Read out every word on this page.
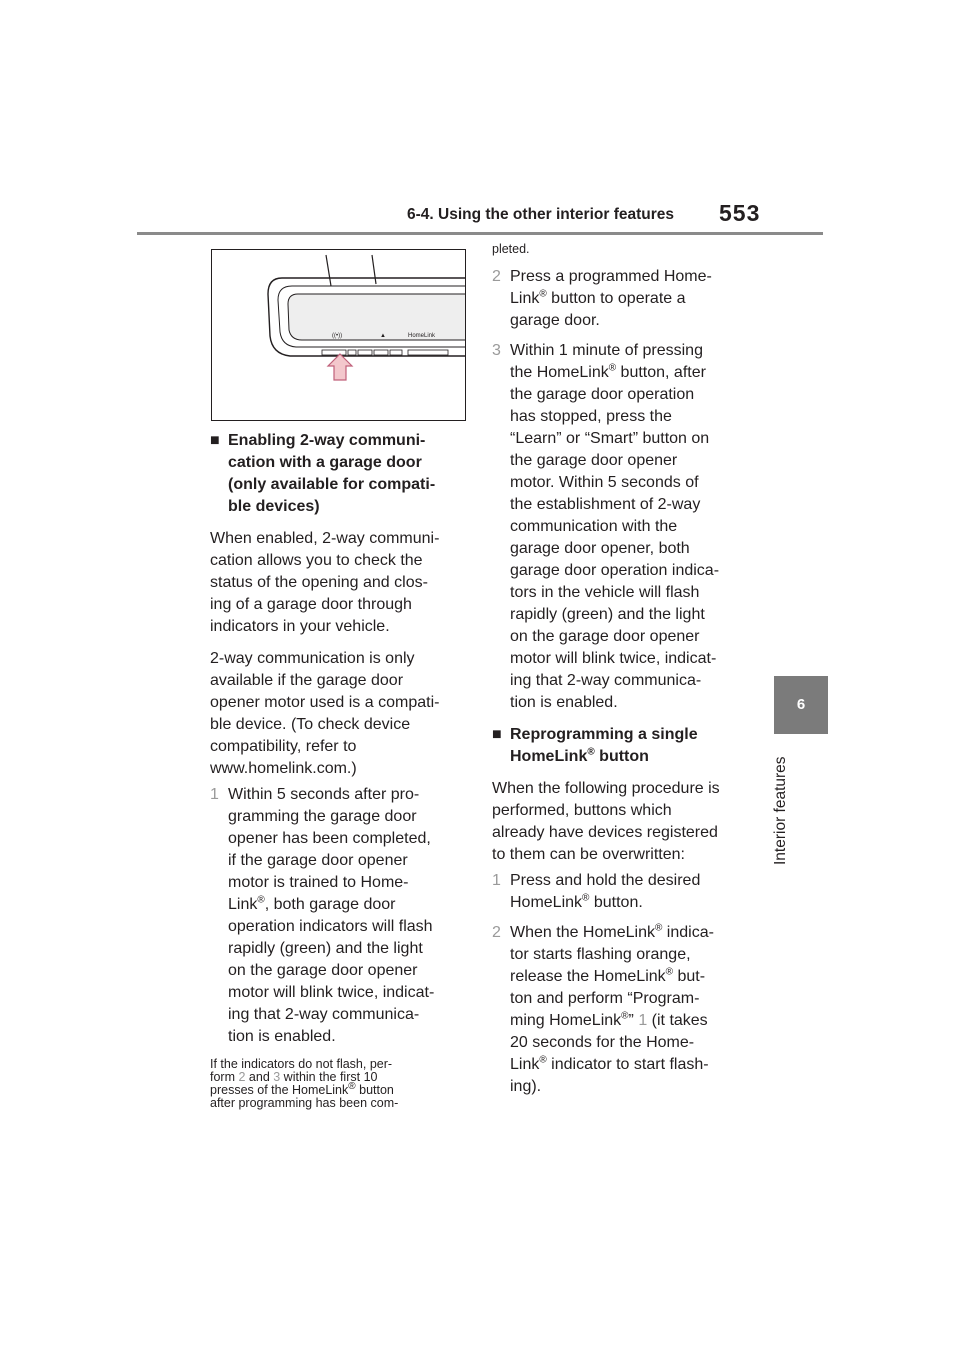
6-4. Using the other interior features 553
6
Interior features
((•))	▲	HomeLink
■ Enabling 2-way communi-
cation with a garage door
(only available for compati-
ble devices)

When enabled, 2-way communi-

cation allows you to check the

status of the opening and clos-

ing of a garage door through

indicators in your vehicle.

2-way communication is only

available if the garage door

opener motor used is a compati-

ble device. (To check device

compatibility, refer to

www.homelink.com.)

1 Within 5 seconds after pro-

gramming the garage door

opener has been completed,

if the garage door opener

motor is trained to Home-

Link®, both garage door

operation indicators will flash

rapidly (green) and the light

on the garage door opener

motor will blink twice, indicat-

ing that 2-way communica-

tion is enabled.

If the indicators do not flash, per-
form 2 and 3 within the first 10
presses of the HomeLink® button
after programming has been com-
pleted.
2 Press a programmed Home-

Link® button to operate a

garage door.

3 Within 1 minute of pressing

the HomeLink® button, after

the garage door operation

has stopped, press the

“Learn” or “Smart” button on

the garage door opener

motor. Within 5 seconds of

the establishment of 2-way

communication with the

garage door opener, both

garage door operation indica-

tors in the vehicle will flash

rapidly (green) and the light

on the garage door opener

motor will blink twice, indicat-

ing that 2-way communica-

tion is enabled.

■ Reprogramming a single
HomeLink® button

When the following procedure is

performed, buttons which

already have devices registered

to them can be overwritten:

1 Press and hold the desired

HomeLink® button.

2 When the HomeLink® indica-

tor starts flashing orange,

release the HomeLink® but-

ton and perform “Program-

ming HomeLink®” 1 (it takes

20 seconds for the Home-

Link® indicator to start flash-

ing).
